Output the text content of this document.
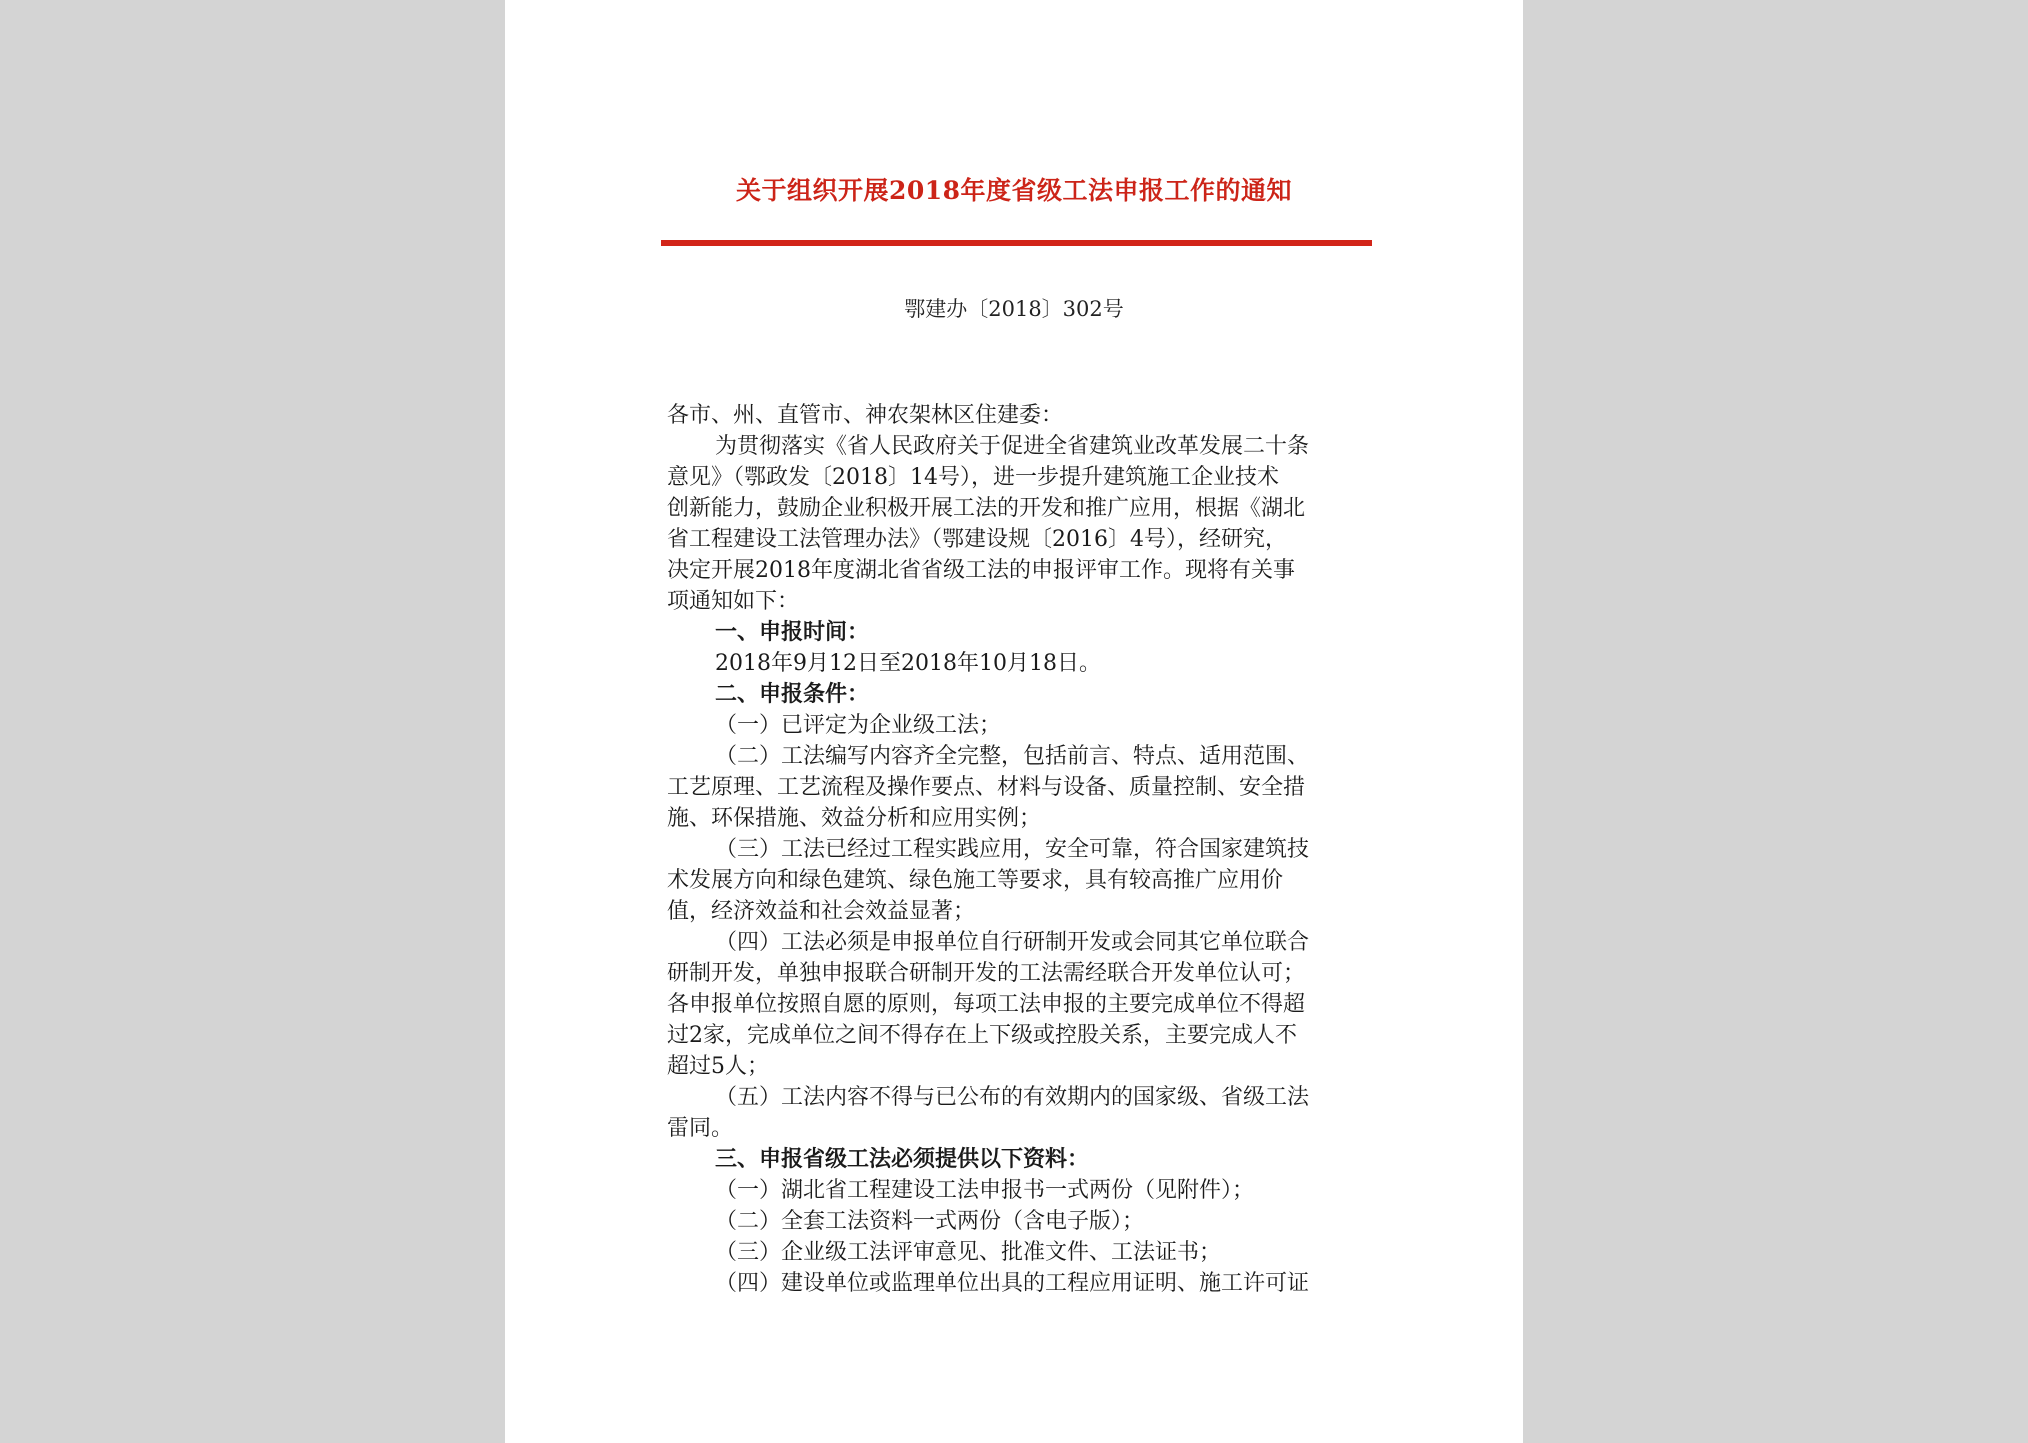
关于组织开展2018年度省级工法申报工作的通知
鄂建办〔2018〕302号
各市、州、直管市、神农架林区住建委：
为贯彻落实《省人民政府关于促进全省建筑业改革发展二十条
意见》（鄂政发〔2018〕14号），进一步提升建筑施工企业技术
创新能力，鼓励企业积极开展工法的开发和推广应用，根据《湖北
省工程建设工法管理办法》（鄂建设规〔2016〕4号），经研究，
决定开展2018年度湖北省省级工法的申报评审工作。现将有关事
项通知如下：
一、申报时间：
2018年9月12日至2018年10月18日。
二、申报条件：
（一）已评定为企业级工法；
（二）工法编写内容齐全完整，包括前言、特点、适用范围、
工艺原理、工艺流程及操作要点、材料与设备、质量控制、安全措
施、环保措施、效益分析和应用实例；
（三）工法已经过工程实践应用，安全可靠，符合国家建筑技
术发展方向和绿色建筑、绿色施工等要求，具有较高推广应用价
值，经济效益和社会效益显著；
（四）工法必须是申报单位自行研制开发或会同其它单位联合
研制开发，单独申报联合研制开发的工法需经联合开发单位认可；
各申报单位按照自愿的原则，每项工法申报的主要完成单位不得超
过2家，完成单位之间不得存在上下级或控股关系，主要完成人不
超过5人；
（五）工法内容不得与已公布的有效期内的国家级、省级工法
雷同。
三、申报省级工法必须提供以下资料：
（一）湖北省工程建设工法申报书一式两份（见附件）；
（二）全套工法资料一式两份（含电子版）；
（三）企业级工法评审意见、批准文件、工法证书；
（四）建设单位或监理单位出具的工程应用证明、施工许可证
